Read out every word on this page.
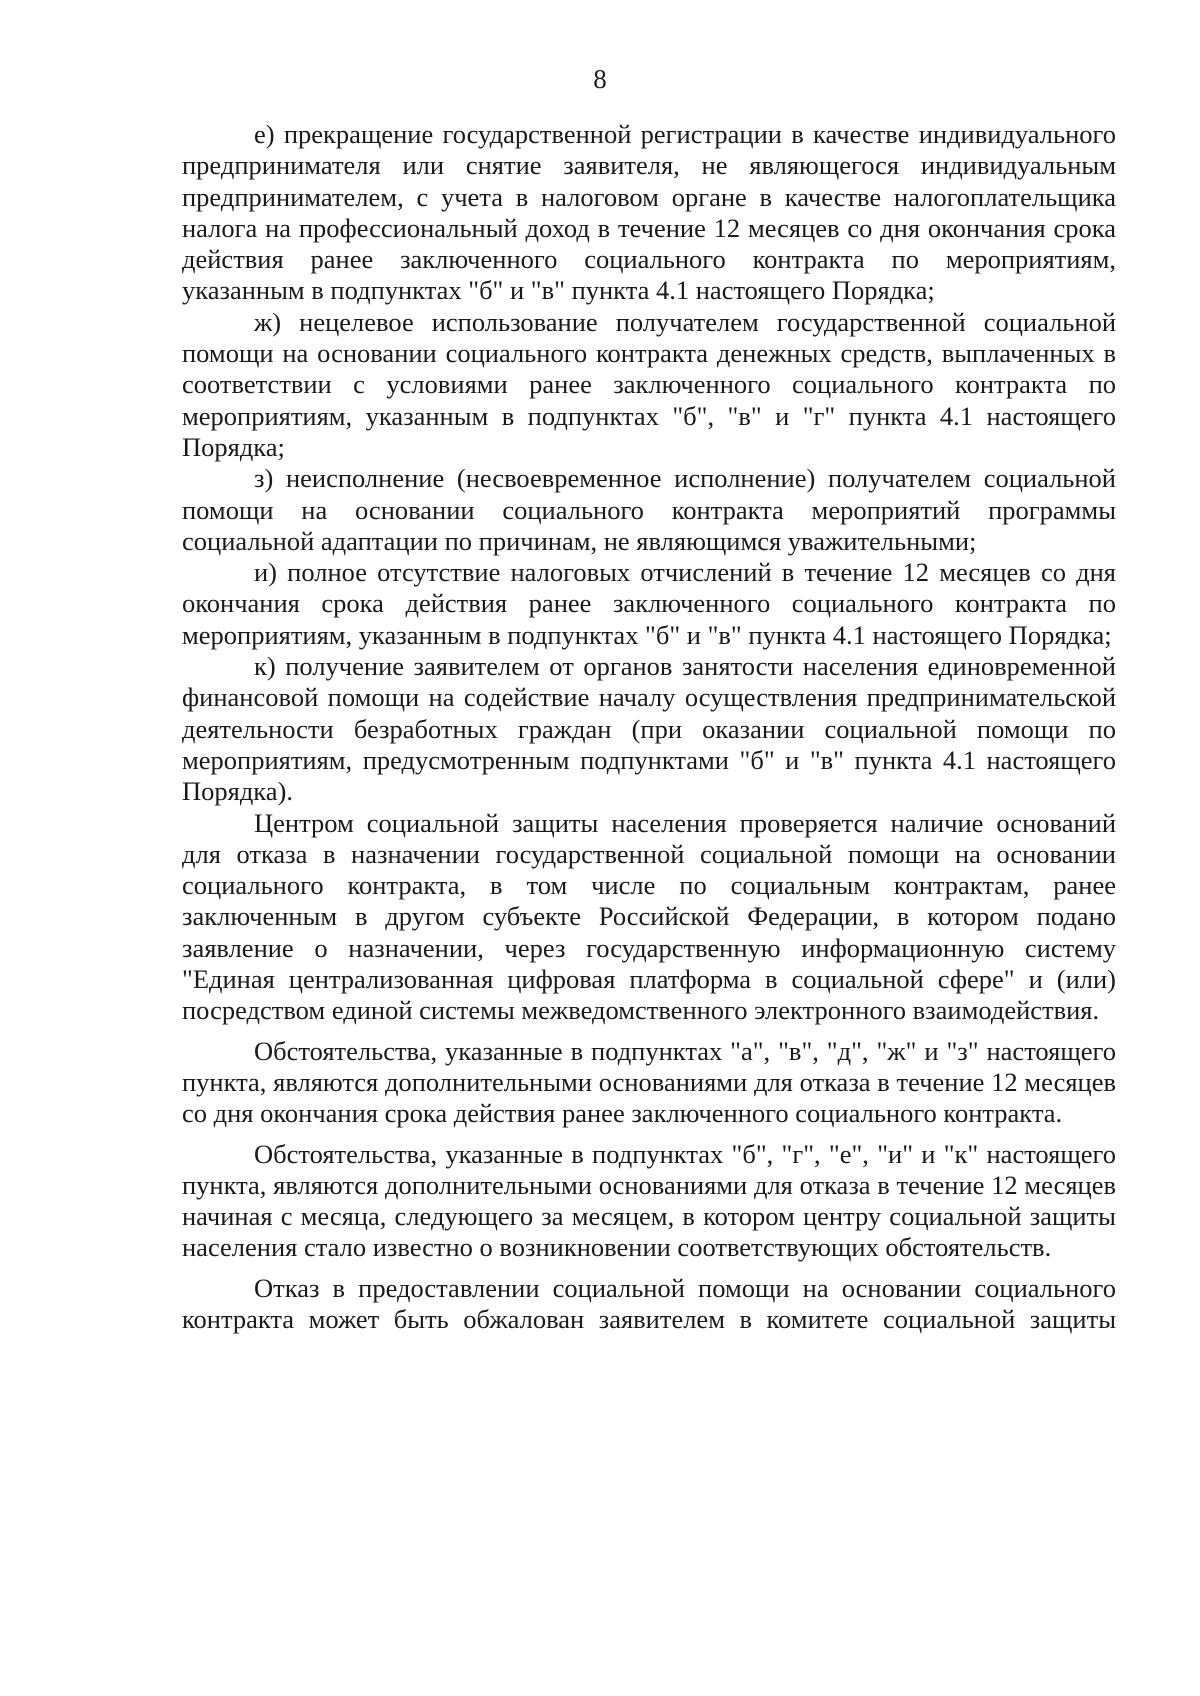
8

е) прекращение государственной регистрации в качестве индивидуального предпринимателя или снятие заявителя, не являющегося индивидуальным предпринимателем, с учета в налоговом органе в качестве налогоплательщика налога на профессиональный доход в течение 12 месяцев со дня окончания срока действия ранее заключенного социального контракта по мероприятиям, указанным в подпунктах "б" и "в" пункта 4.1 настоящего Порядка;

ж) нецелевое использование получателем государственной социальной помощи на основании социального контракта денежных средств, выплаченных в соответствии с условиями ранее заключенного социального контракта по мероприятиям, указанным в подпунктах "б", "в" и "г" пункта 4.1 настоящего Порядка;

з) неисполнение (несвоевременное исполнение) получателем социальной помощи на основании социального контракта мероприятий программы социальной адаптации по причинам, не являющимся уважительными;

и) полное отсутствие налоговых отчислений в течение 12 месяцев со дня окончания срока действия ранее заключенного социального контракта по мероприятиям, указанным в подпунктах "б" и "в" пункта 4.1 настоящего Порядка;

к) получение заявителем от органов занятости населения единовременной финансовой помощи на содействие началу осуществления предпринимательской деятельности безработных граждан (при оказании социальной помощи по мероприятиям, предусмотренным подпунктами "б" и "в" пункта 4.1 настоящего Порядка).

Центром социальной защиты населения проверяется наличие оснований для отказа в назначении государственной социальной помощи на основании социального контракта, в том числе по социальным контрактам, ранее заключенным в другом субъекте Российской Федерации, в котором подано заявление о назначении, через государственную информационную систему "Единая централизованная цифровая платформа в социальной сфере" и (или) посредством единой системы межведомственного электронного взаимодействия.

Обстоятельства, указанные в подпунктах "а", "в", "д", "ж" и "з" настоящего пункта, являются дополнительными основаниями для отказа в течение 12 месяцев со дня окончания срока действия ранее заключенного социального контракта.

Обстоятельства, указанные в подпунктах "б", "г", "е", "и" и "к" настоящего пункта, являются дополнительными основаниями для отказа в течение 12 месяцев начиная с месяца, следующего за месяцем, в котором центру социальной защиты населения стало известно о возникновении соответствующих обстоятельств.

Отказ в предоставлении социальной помощи на основании социального контракта может быть обжалован заявителем в комитете социальной защиты
